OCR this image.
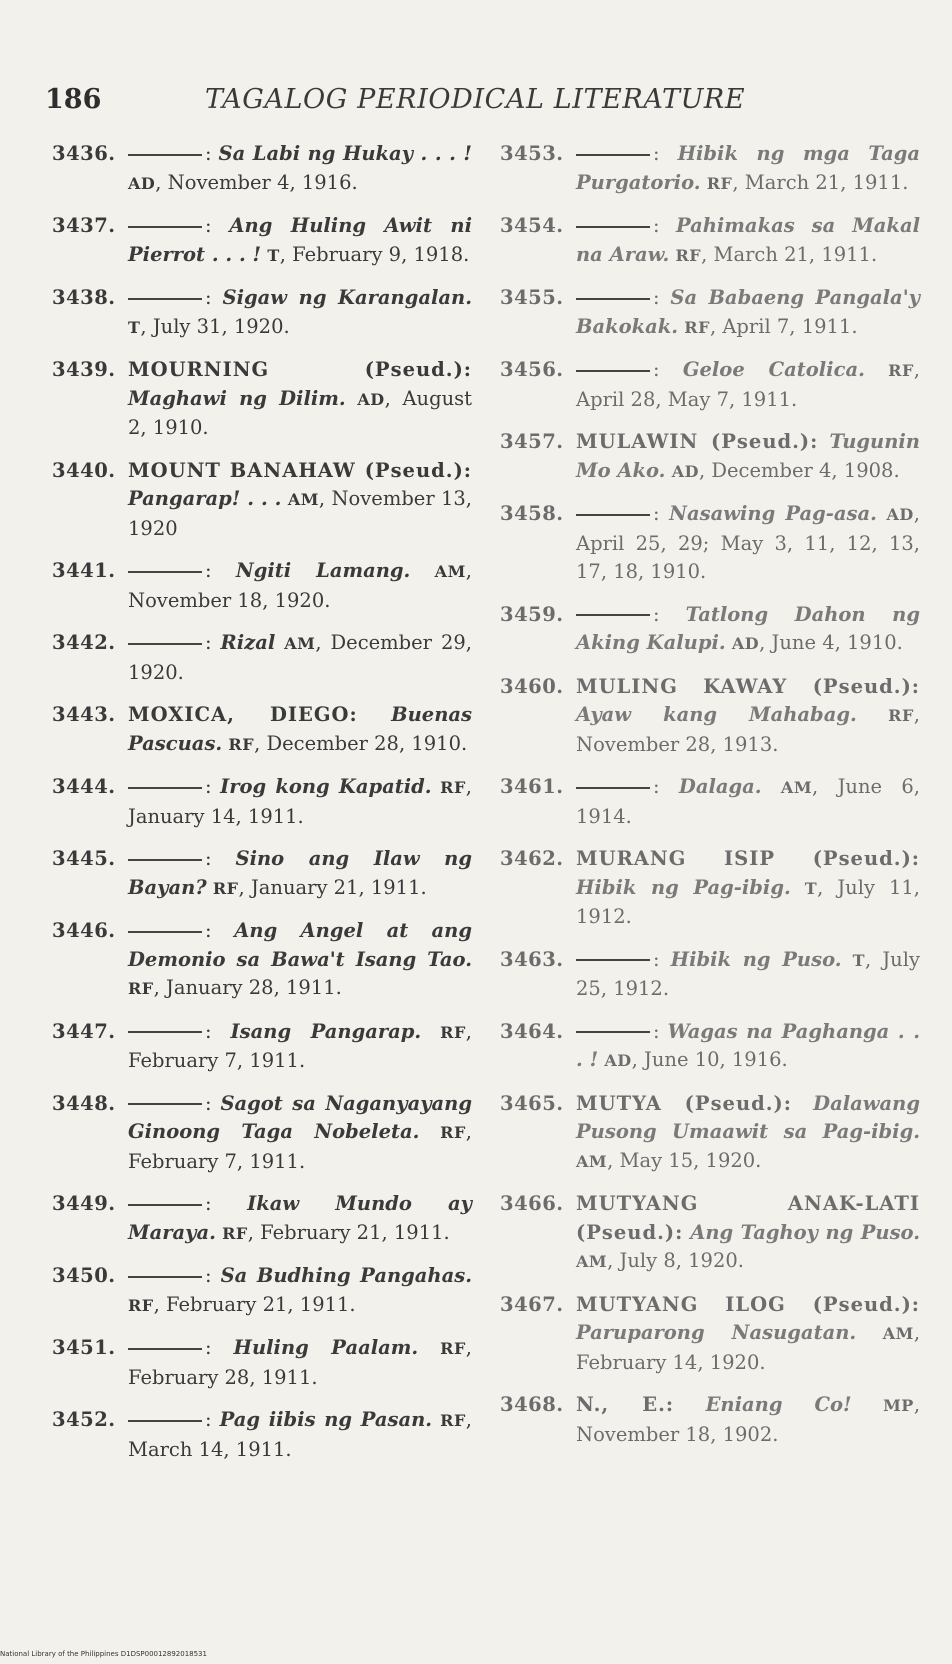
186	TAGALOG PERIODICAL LITERATURE
3436.	: Sa Labi ng Hukay . . . ! AD, November 4, 1916.
3437.	: Ang Huling Awit ni Pierrot . . . ! T, February 9, 1918.
3438.	: Sigaw ng Karangalan. T, July 31, 1920.
3439. MOURNING (Pseud.): Maghawi ng Dilim. AD, August 2, 1910.
3440. MOUNT BANAHAW (Pseud.): Pangarap! . . . AM, November 13, 1920
3441.	: Ngiti Lamang. AM, November 18, 1920.
3442.	: Rizal AM, December 29, 1920.
3443. MOXICA, DIEGO: Buenas Pascuas. RF, December 28, 1910.
3444.	: Irog kong Kapatid. RF, January 14, 1911.
3445.	: Sino ang Ilaw ng Bayan? RF, January 21, 1911.
3446.	: Ang Angel at ang Demonio sa Bawa't Isang Tao. RF, January 28, 1911.
3447.	: Isang Pangarap. RF, February 7, 1911.
3448.	: Sagot sa Naganyayang Ginoong Taga Nobeleta. RF, February 7, 1911.
3449.	: Ikaw Mundo ay Maraya. RF, February 21, 1911.
3450.	: Sa Budhing Pangahas. RF, February 21, 1911.
3451.	: Huling Paalam. RF, February 28, 1911.
3452.	: Pag iibis ng Pasan. RF, March 14, 1911.
3453.	: Hibik ng mga Taga Purgatorio. RF, March 21, 1911.
3454.	: Pahimakas sa Makal na Araw. RF, March 21, 1911.
3455.	: Sa Babaeng Pangala'y Bakokak. RF, April 7, 1911.
3456.	: Geloe Catolica. RF, April 28, May 7, 1911.
3457. MULAWIN (Pseud.): Tugunin Mo Ako. AD, December 4, 1908.
3458.	: Nasawing Pag-asa. AD, April 25, 29; May 3, 11, 12, 13, 17, 18, 1910.
3459.	: Tatlong Dahon ng Aking Kalupi. AD, June 4, 1910.
3460. MULING KAWAY (Pseud.): Ayaw kang Mahabag. RF, November 28, 1913.
3461.	: Dalaga. AM, June 6, 1914.
3462. MURANG ISIP (Pseud.): Hibik ng Pag-ibig. T, July 11, 1912.
3463.	: Hibik ng Puso. T, July 25, 1912.
3464.	: Wagas na Paghanga . . . ! AD, June 10, 1916.
3465. MUTYA (Pseud.): Dalawang Pusong Umaawit sa Pag-ibig. AM, May 15, 1920.
3466. MUTYANG ANAK-LATI (Pseud.): Ang Taghoy ng Puso. AM, July 8, 1920.
3467. MUTYANG ILOG (Pseud.): Paruparong Nasugatan. AM, February 14, 1920.
3468. N., E.: Eniang Co! MP, November 18, 1902.
National Library of the Philippines D1DSP00012892018531
